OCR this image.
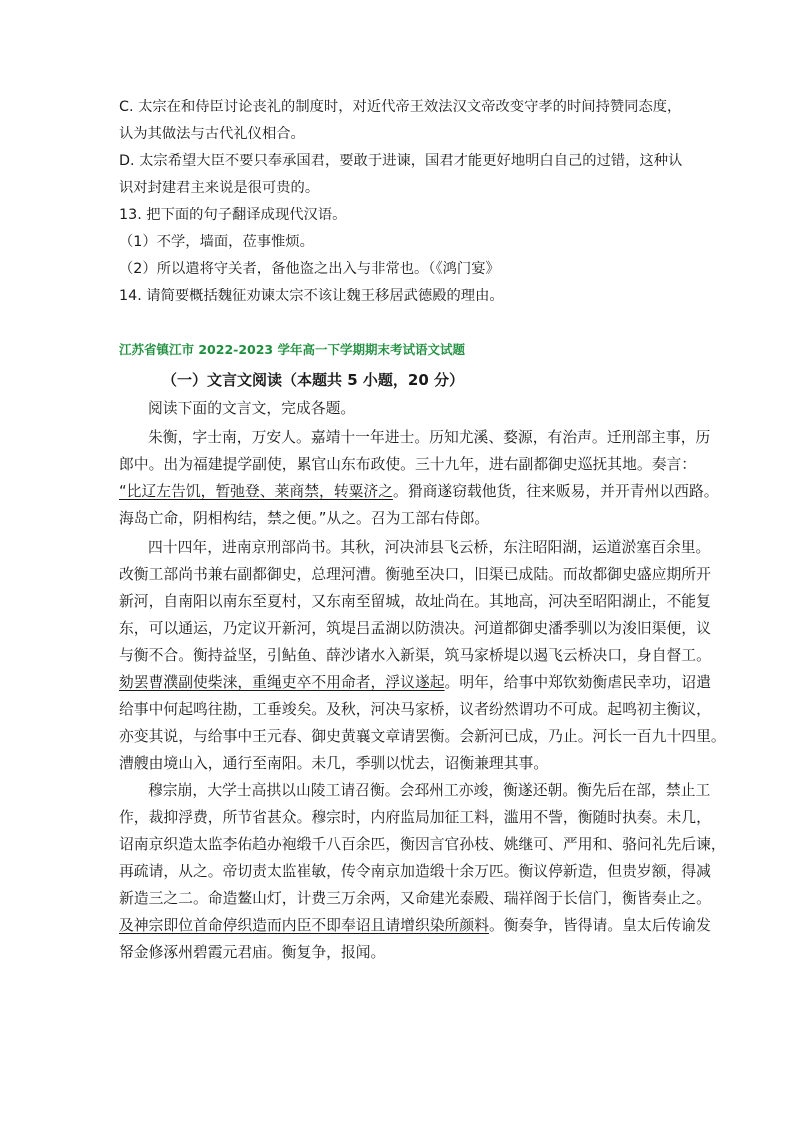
C. 太宗在和侍臣讨论丧礼的制度时，对近代帝王效法汉文帝改变守孝的时间持赞同态度，
认为其做法与古代礼仪相合。
D. 太宗希望大臣不要只奉承国君，要敢于进谏，国君才能更好地明白自己的过错，这种认
识对封建君主来说是很可贵的。
13. 把下面的句子翻译成现代汉语。
（1）不学，墙面，莅事惟烦。
（2）所以遣将守关者，备他盗之出入与非常也。（《鸿门宴》
14. 请简要概括魏征劝谏太宗不该让魏王移居武德殿的理由。
江苏省镇江市 2022-2023 学年高一下学期期末考试语文试题
（一）文言文阅读（本题共 5 小题，20 分）
阅读下面的文言文，完成各题。
朱衡，字士南，万安人。嘉靖十一年进士。历知尤溪、婺源，有治声。迁刑部主事，历
郎中。出为福建提学副使，累官山东布政使。三十九年，进右副都御史巡抚其地。奏言：
“比辽左告饥，暂弛登、莱商禁，转粟济之。猾商遂窃载他货，往来贩易，并开青州以西路。
海岛亡命，阴相构结，禁之便。”从之。召为工部右侍郎。
四十四年，进南京刑部尚书。其秋，河决沛县飞云桥，东注昭阳湖，运道淤塞百余里。
改衡工部尚书兼右副都御史，总理河漕。衡驰至决口，旧渠已成陆。而故都御史盛应期所开
新河，自南阳以南东至夏村，又东南至留城，故址尚在。其地高，河决至昭阳湖止，不能复
东，可以通运，乃定议开新河，筑堤吕孟湖以防溃决。河道都御史潘季驯以为浚旧渠便，议
与衡不合。衡持益坚，引鲇鱼、薛沙诸水入新渠，筑马家桥堤以遏飞云桥决口，身自督工。
劾罢曹濮副使柴涞，重绳吏卒不用命者，浮议遂起。明年，给事中郑钦劾衡虐民幸功，诏遣
给事中何起鸣往勘，工垂竣矣。及秋，河决马家桥，议者纷然谓功不可成。起鸣初主衡议，
亦变其说，与给事中王元春、御史黄襄文章请罢衡。会新河已成，乃止。河长一百九十四里。
漕艘由境山入，通行至南阳。未几，季驯以忧去，诏衡兼理其事。
穆宗崩，大学士高拱以山陵工请召衡。会邳州工亦竣，衡遂还朝。衡先后在部，禁止工
作，裁抑浮费，所节省甚众。穆宗时，内府监局加征工料，滥用不訾，衡随时执奏。未几，
诏南京织造太监李佑趋办袍缎千八百余匹，衡因言官孙枝、姚继可、严用和、骆问礼先后谏，
再疏请，从之。帝切责太监崔敏，传令南京加造缎十余万匹。衡议停新造，但贵岁额，得减
新造三之二。命造鳌山灯，计费三万余两，又命建光泰殿、瑞祥阁于长信门，衡皆奏止之。
及神宗即位首命停织造而内臣不即奉诏且请增织染所颜料。衡奏争，皆得请。皇太后传谕发
帑金修涿州碧霞元君庙。衡复争，报闻。
